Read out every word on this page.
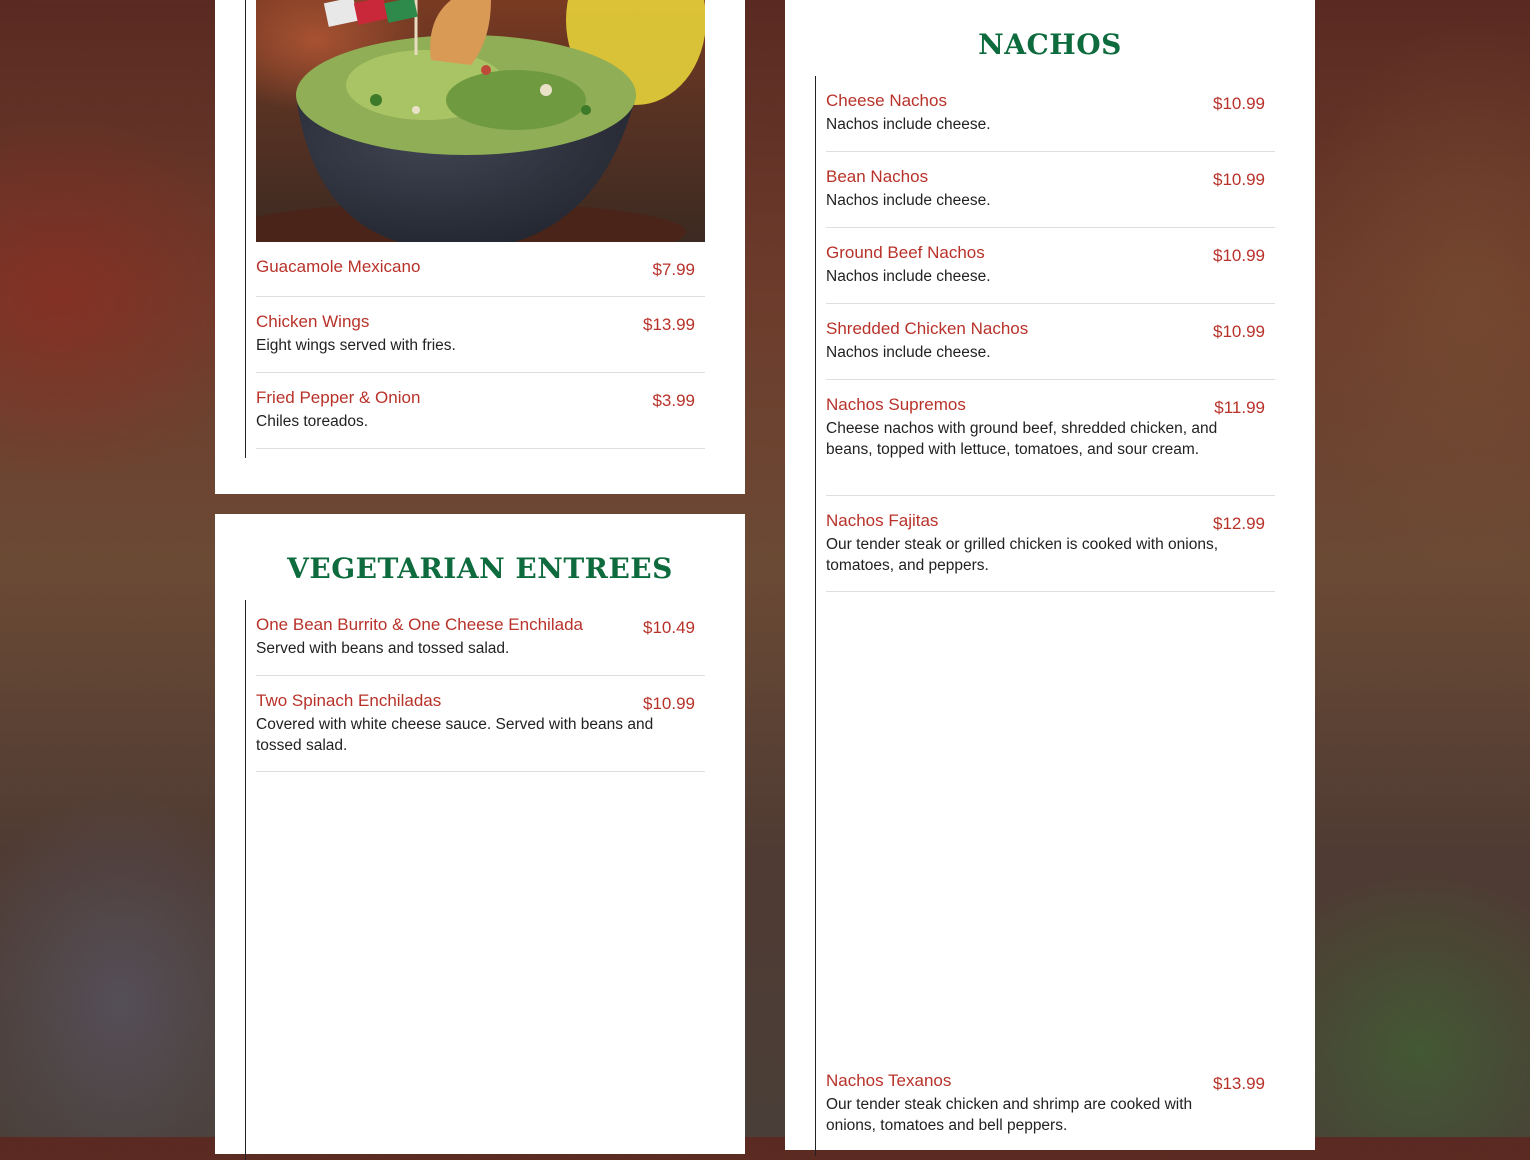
Guacamole Mexicano	$7.99
Chicken Wings	$13.99
Eight wings served with fries.
Fried Pepper & Onion	$3.99
Chiles toreados.
VEGETARIAN ENTREES
One Bean Burrito & One Cheese Enchilada	$10.49
Served with beans and tossed salad.
Two Spinach Enchiladas	$10.99
Covered with white cheese sauce. Served with beans and tossed salad.
NACHOS
Cheese Nachos	$10.99
Nachos include cheese.
Bean Nachos	$10.99
Nachos include cheese.
Ground Beef Nachos	$10.99
Nachos include cheese.
Shredded Chicken Nachos	$10.99
Nachos include cheese.
Nachos Supremos	$11.99
Cheese nachos with ground beef, shredded chicken, and beans, topped with lettuce, tomatoes, and sour cream.
Nachos Fajitas	$12.99
Our tender steak or grilled chicken is cooked with onions, tomatoes, and peppers.
Nachos Texanos	$13.99
Our tender steak chicken and shrimp are cooked with onions, tomatoes and bell peppers.
